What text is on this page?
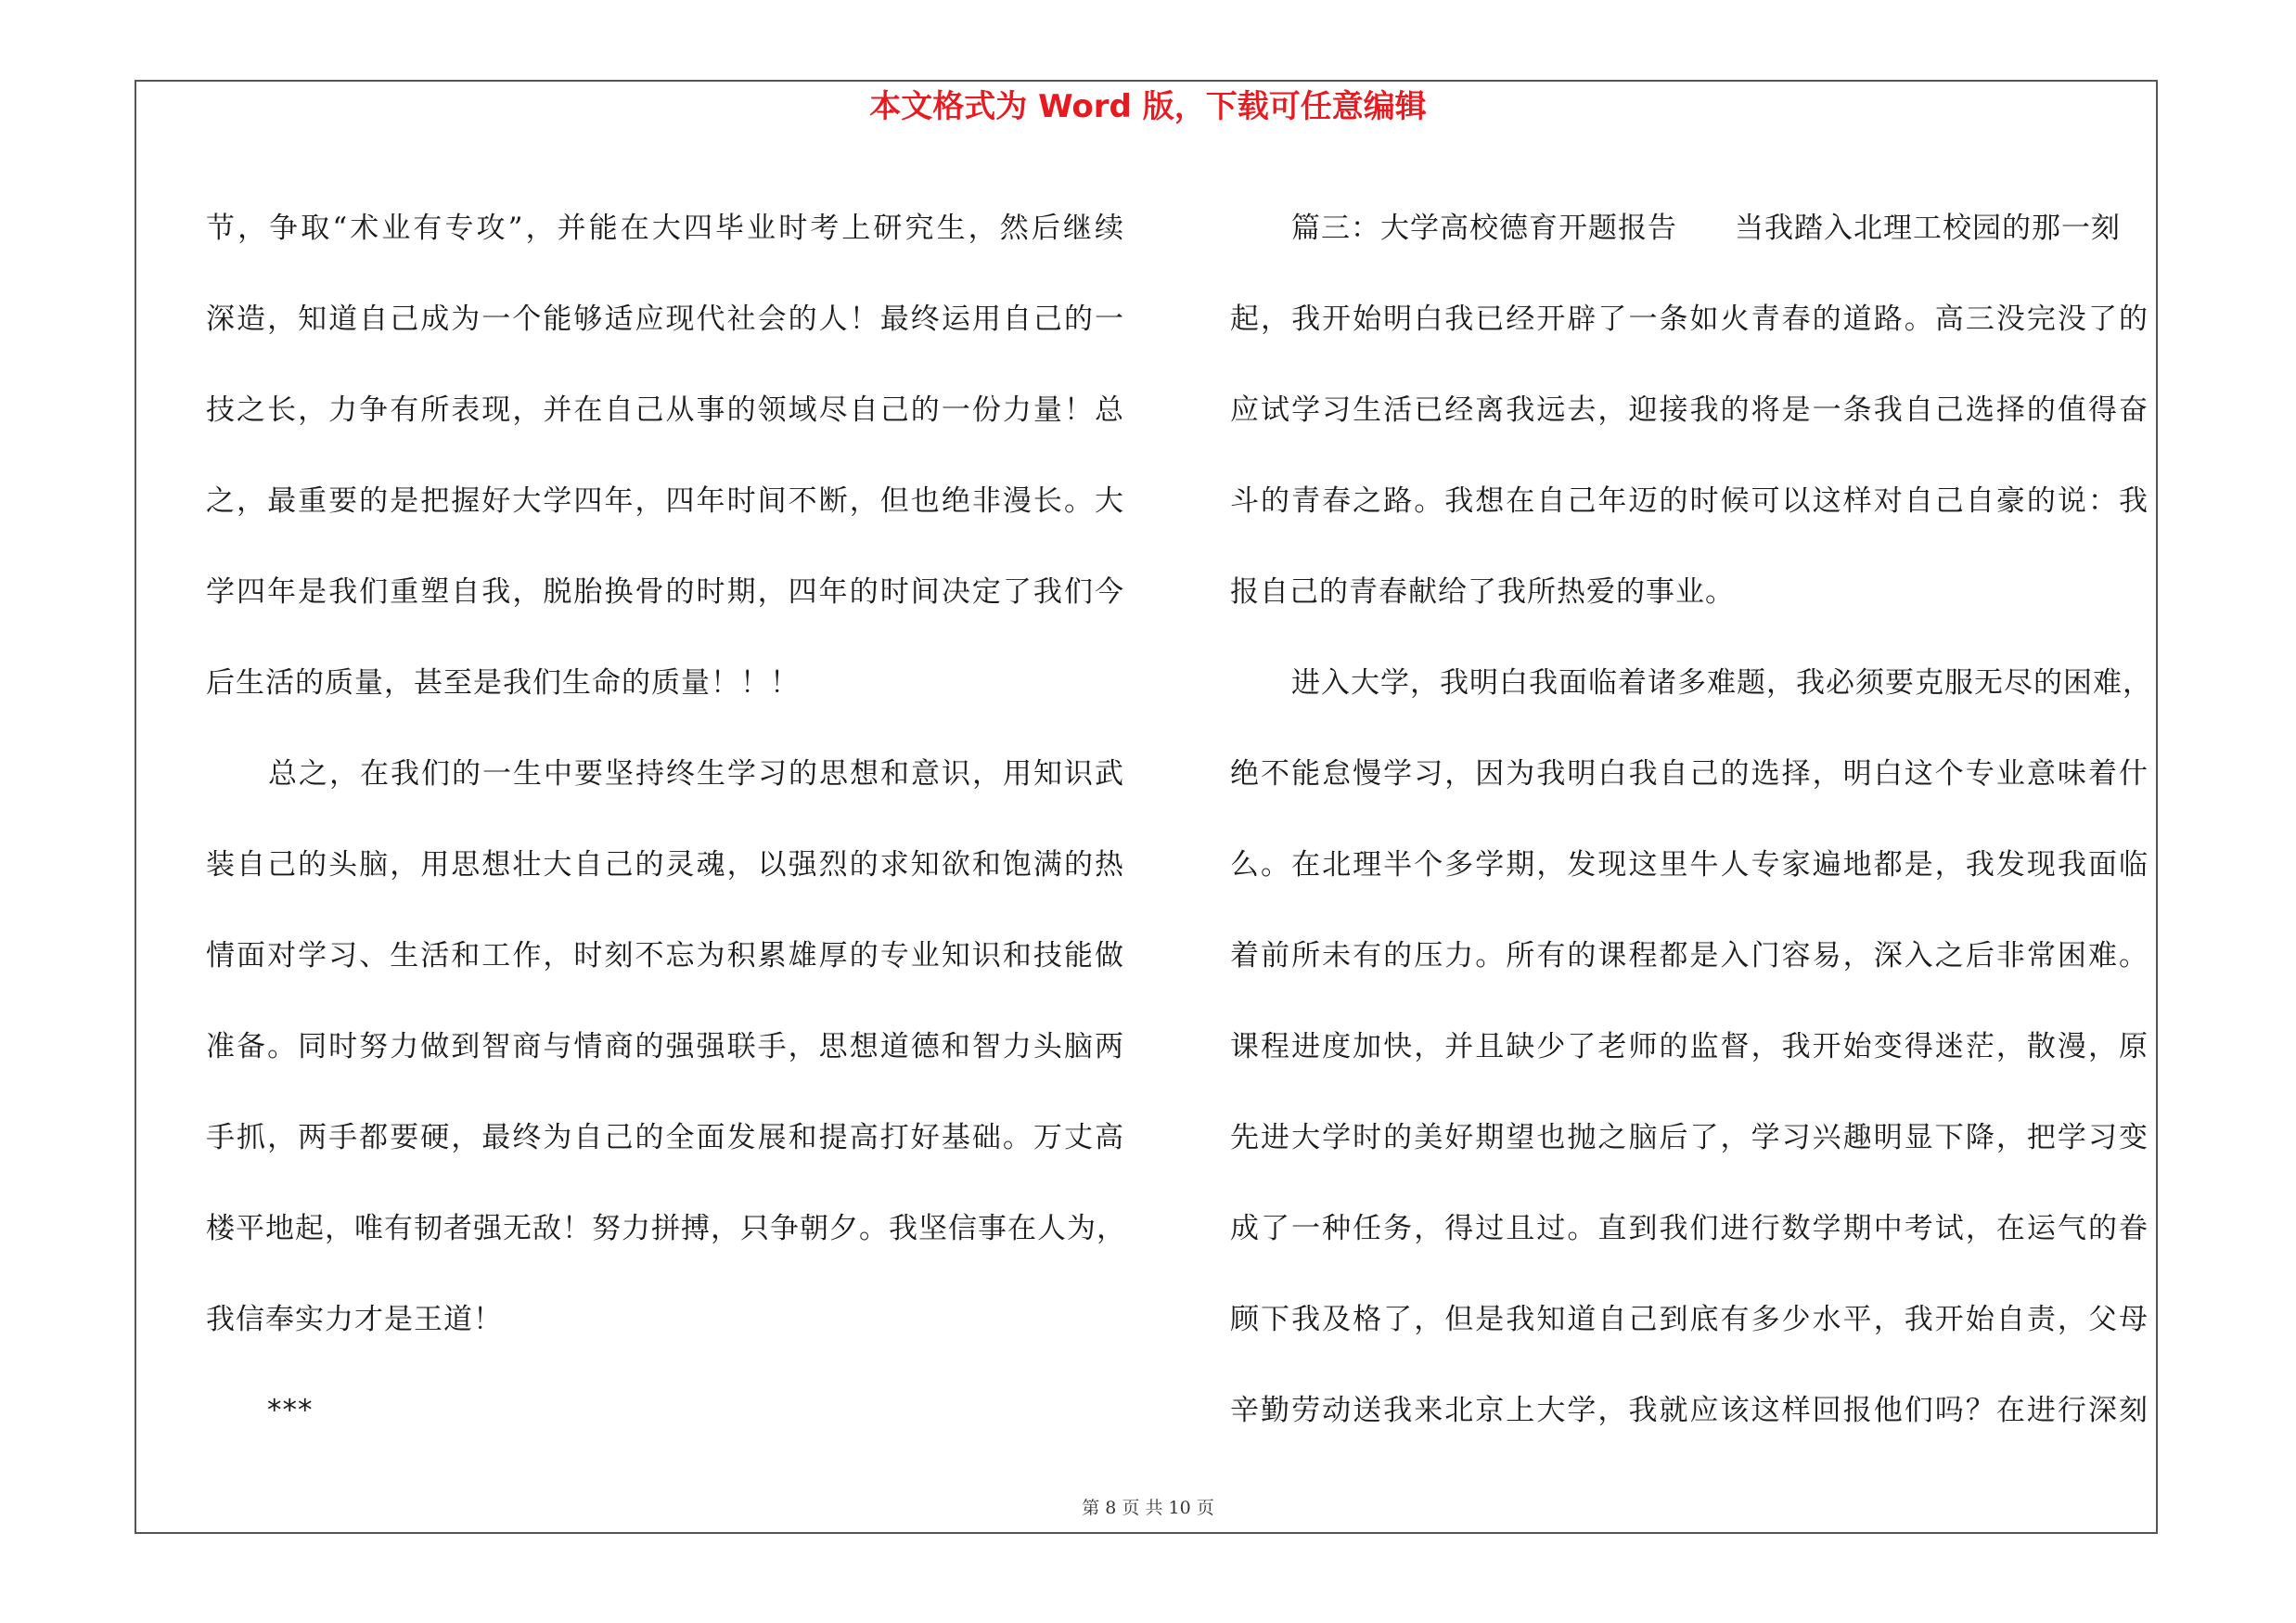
本文格式为 Word 版，下载可任意编辑
节，争取“术业有专攻”，并能在大四毕业时考上研究生，然后继续
深造，知道自己成为一个能够适应现代社会的人！最终运用自己的一
技之长，力争有所表现，并在自己从事的领域尽自己的一份力量！总
之，最重要的是把握好大学四年，四年时间不断，但也绝非漫长。大
学四年是我们重塑自我，脱胎换骨的时期，四年的时间决定了我们今
后生活的质量，甚至是我们生命的质量！！！
总之，在我们的一生中要坚持终生学习的思想和意识，用知识武
装自己的头脑，用思想壮大自己的灵魂，以强烈的求知欲和饱满的热
情面对学习、生活和工作，时刻不忘为积累雄厚的专业知识和技能做
准备。同时努力做到智商与情商的强强联手，思想道德和智力头脑两
手抓，两手都要硬，最终为自己的全面发展和提高打好基础。万丈高
楼平地起，唯有韧者强无敌！努力拼搏，只争朝夕。我坚信事在人为，
我信奉实力才是王道！
***
篇三：大学高校德育开题报告 当我踏入北理工校园的那一刻
起，我开始明白我已经开辟了一条如火青春的道路。高三没完没了的
应试学习生活已经离我远去，迎接我的将是一条我自己选择的值得奋
斗的青春之路。我想在自己年迈的时候可以这样对自己自豪的说：我
报自己的青春献给了我所热爱的事业。
进入大学，我明白我面临着诸多难题，我必须要克服无尽的困难，
绝不能怠慢学习，因为我明白我自己的选择，明白这个专业意味着什
么。在北理半个多学期，发现这里牛人专家遍地都是，我发现我面临
着前所未有的压力。所有的课程都是入门容易，深入之后非常困难。
课程进度加快，并且缺少了老师的监督，我开始变得迷茫，散漫，原
先进大学时的美好期望也抛之脑后了，学习兴趣明显下降，把学习变
成了一种任务，得过且过。直到我们进行数学期中考试，在运气的眷
顾下我及格了，但是我知道自己到底有多少水平，我开始自责，父母
辛勤劳动送我来北京上大学，我就应该这样回报他们吗？在进行深刻
第 8 页 共 10 页
